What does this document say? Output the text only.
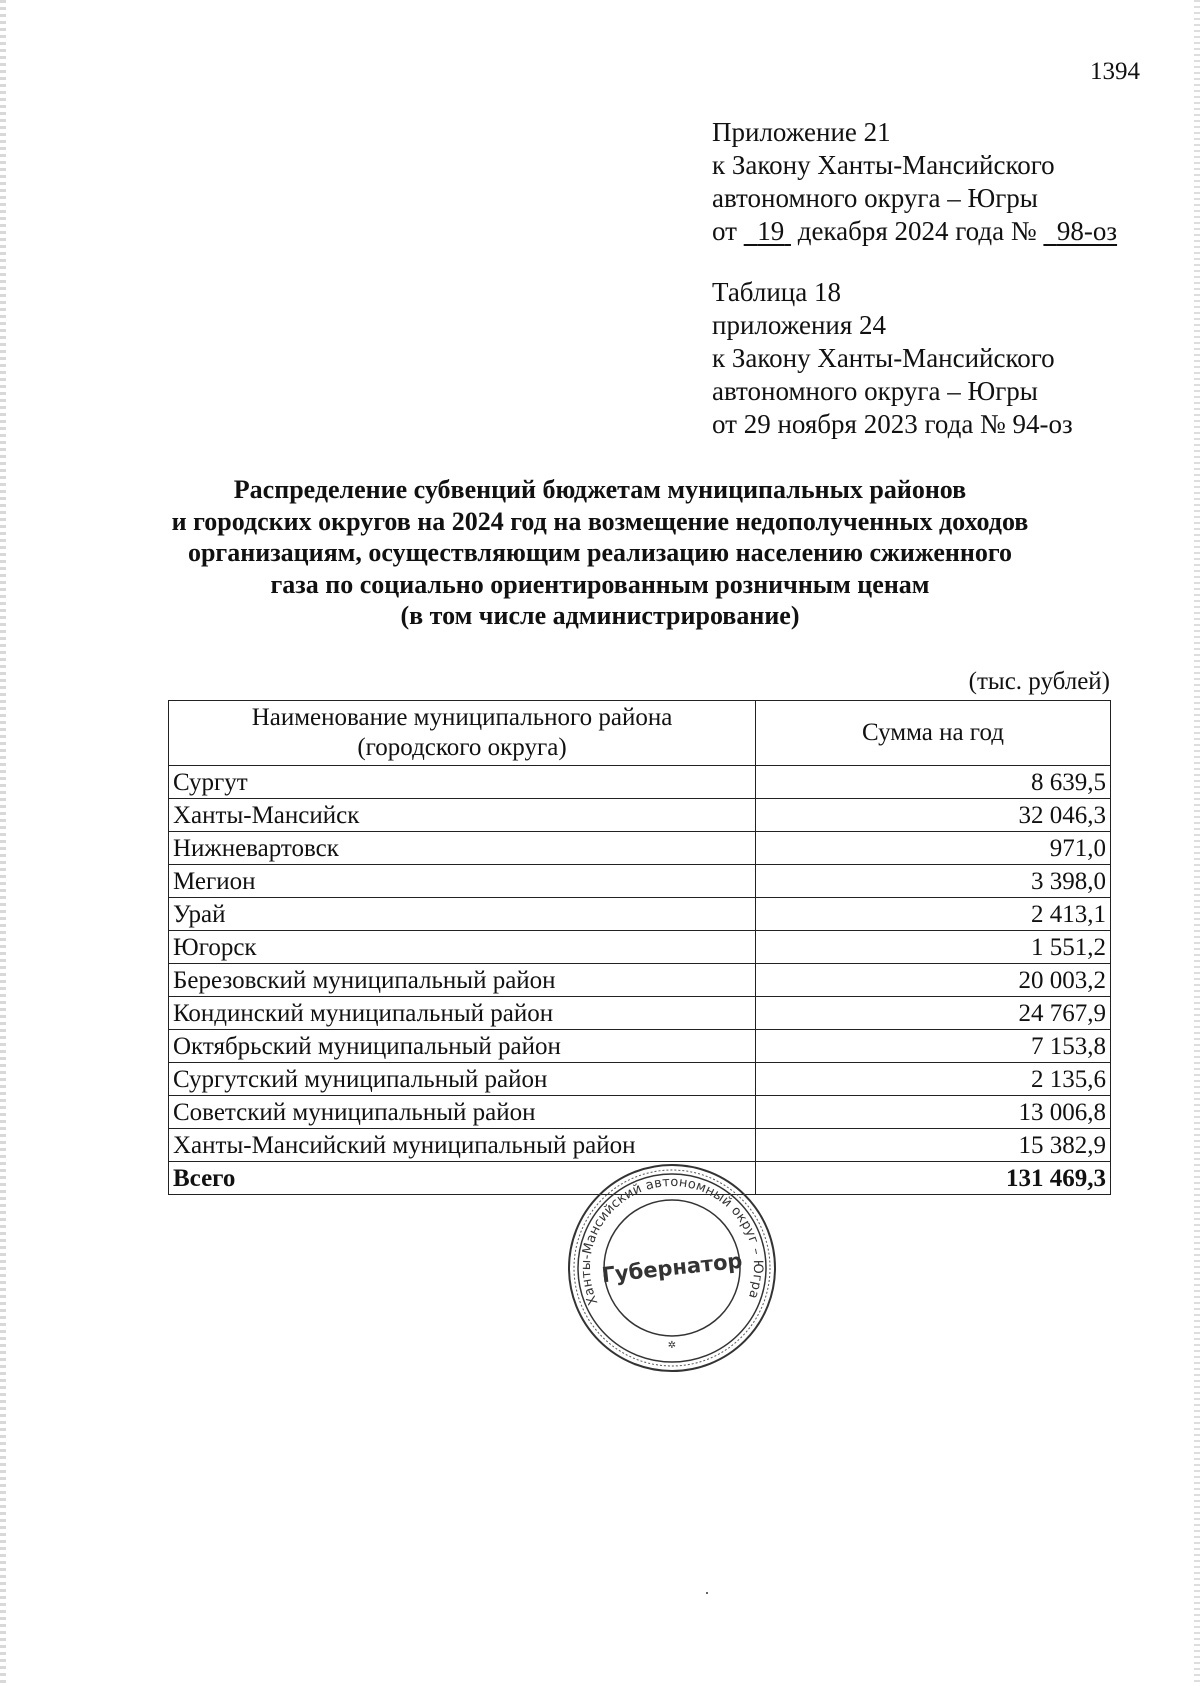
1394
Приложение 21
к Закону Ханты-Мансийского
автономного округа – Югры
от 19 декабря 2024 года № 98-оз
Таблица 18
приложения 24
к Закону Ханты-Мансийского
автономного округа – Югры
от 29 ноября 2023 года № 94-оз
Распределение субвенций бюджетам муниципальных районов
и городских округов на 2024 год на возмещение недополученных доходов
организациям, осуществляющим реализацию населению сжиженного
газа по социально ориентированным розничным ценам
(в том числе администрирование)
(тыс. рублей)
Наименование муниципального района
(городского округа)	Сумма на год
Сургут	8 639,5
Ханты-Мансийск	32 046,3
Нижневартовск	971,0
Мегион	3 398,0
Урай	2 413,1
Югорск	1 551,2
Березовский муниципальный район	20 003,2
Кондинский муниципальный район	24 767,9
Октябрьский муниципальный район	7 153,8
Сургутский муниципальный район	2 135,6
Советский муниципальный район	13 006,8
Ханты-Мансийский муниципальный район	15 382,9
Всего	131 469,3
Ханты-Мансийский автономный округ – Югра
Губернатор
✲
